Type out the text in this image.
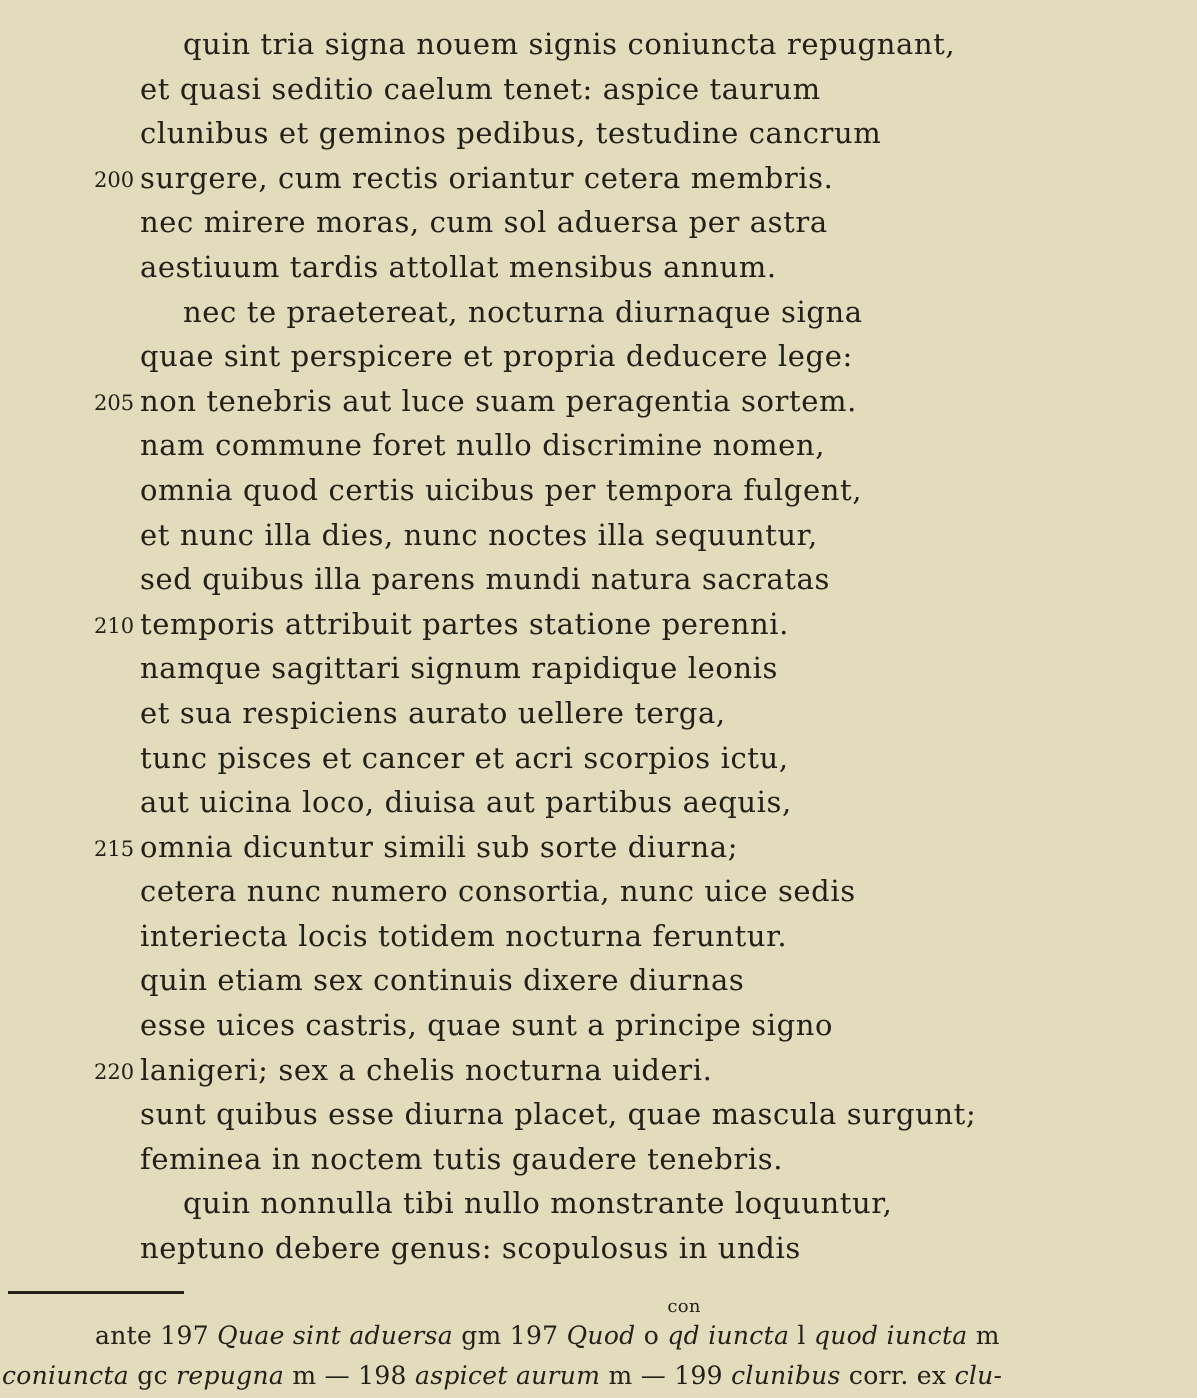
quin tria signa nouem signis coniuncta repugnant,
et quasi seditio caelum tenet: aspice taurum
clunibus et geminos pedibus, testudine cancrum
200 surgere, cum rectis oriantur cetera membris.
nec mirere moras, cum sol aduersa per astra
aestiuum tardis attollat mensibus annum.
nec te praetereat, nocturna diurnaque signa
quae sint perspicere et propria deducere lege:
205 non tenebris aut luce suam peragentia sortem.
nam commune foret nullo discrimine nomen,
omnia quod certis uicibus per tempora fulgent,
et nunc illa dies, nunc noctes illa sequuntur,
sed quibus illa parens mundi natura sacratas
210 temporis attribuit partes statione perenni.
namque sagittari signum rapidique leonis
et sua respiciens aurato uellere terga,
tunc pisces et cancer et acri scorpios ictu,
aut uicina loco, diuisa aut partibus aequis,
215 omnia dicuntur simili sub sorte diurna;
cetera nunc numero consortia, nunc uice sedis
interiecta locis totidem nocturna feruntur.
quin etiam sex continuis dixere diurnas
esse uices castris, quae sunt a principe signo
220 lanigeri; sex a chelis nocturna uideri.
sunt quibus esse diurna placet, quae mascula surgunt;
feminea in noctem tutis gaudere tenebris.
quin nonnulla tibi nullo monstrante loquuntur,
neptuno debere genus: scopulosus in undis
ante 197 Quae sint aduersa gm 197 Quod o
con
qd iuncta l quod iuncta m
coniuncta gc repugna m — 198 aspicet aurum m — 199 clunibus corr. ex clu-
